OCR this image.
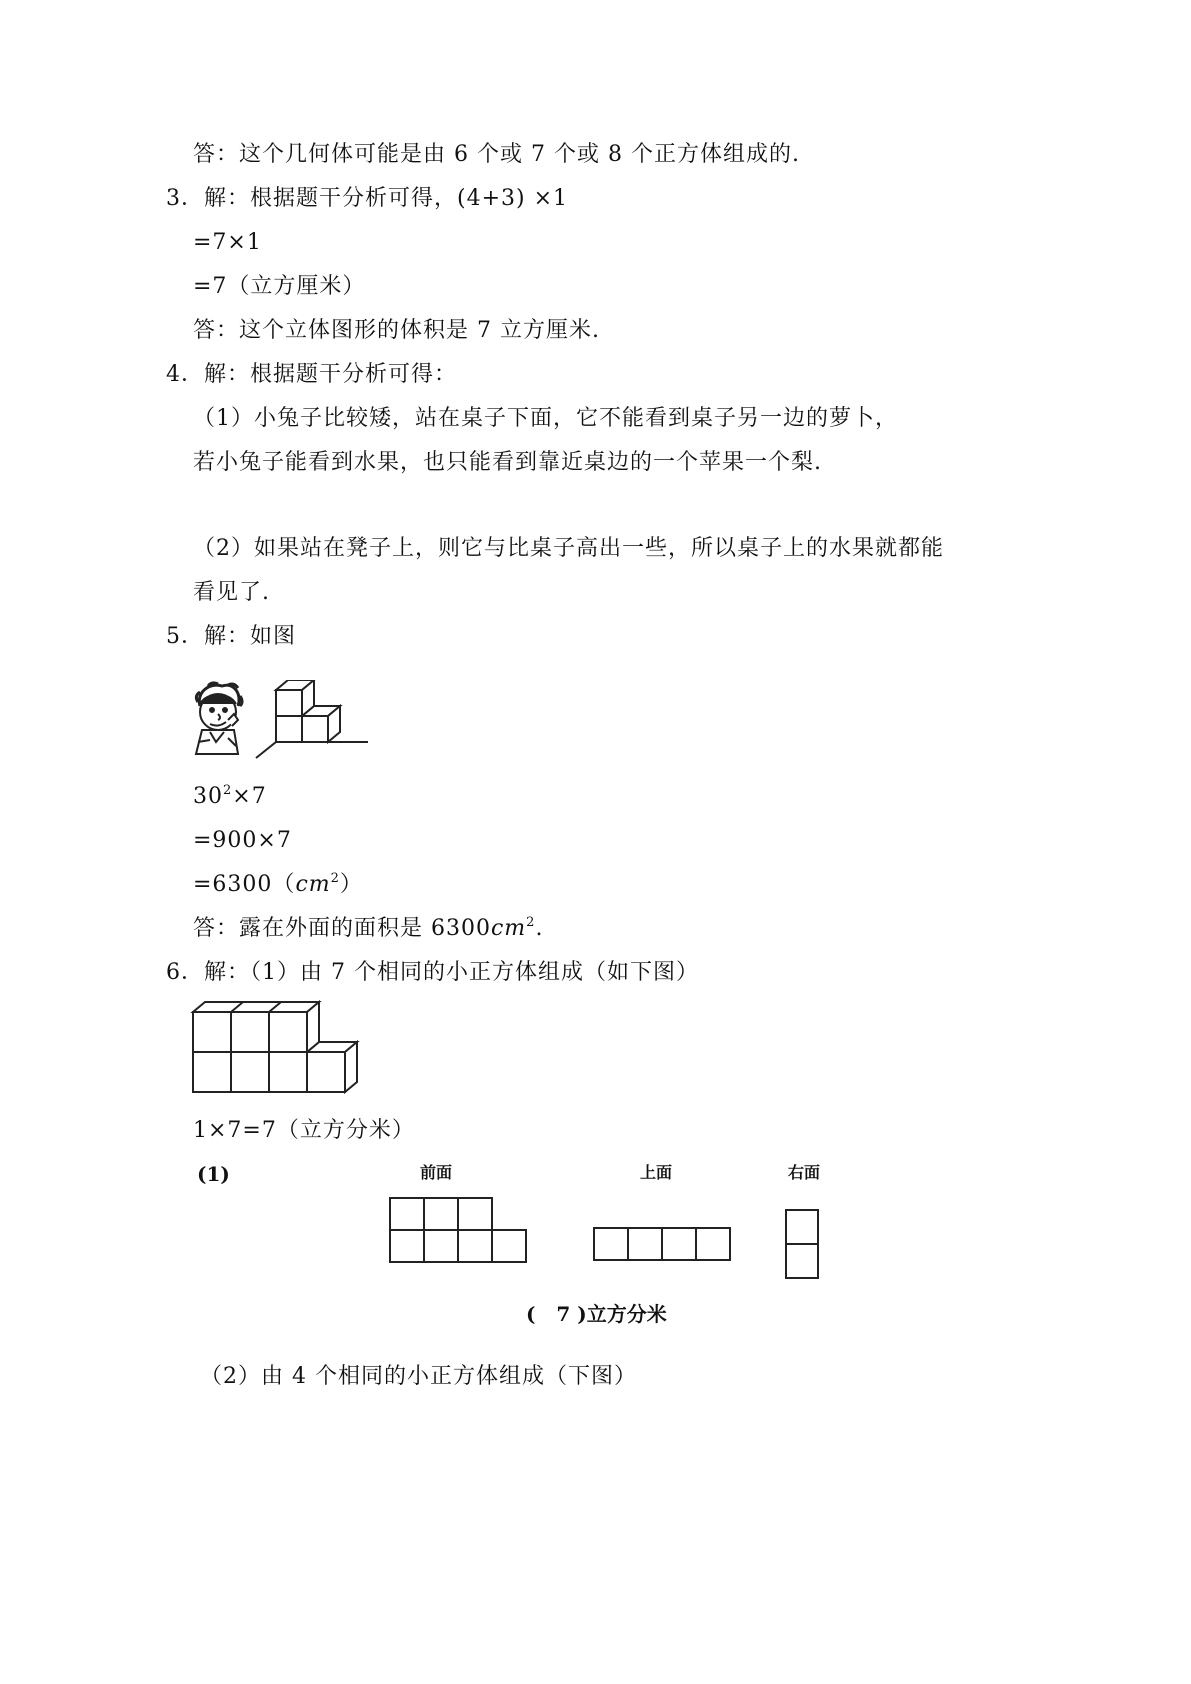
答：这个几何体可能是由 6 个或 7 个或 8 个正方体组成的.
3．解：根据题干分析可得，(4+3) ×1
=7×1
=7（立方厘米）
答：这个立体图形的体积是 7 立方厘米.
4．解：根据题干分析可得：
（1）小兔子比较矮，站在桌子下面，它不能看到桌子另一边的萝卜，
若小兔子能看到水果，也只能看到靠近桌边的一个苹果一个梨.
（2）如果站在凳子上，则它与比桌子高出一些，所以桌子上的水果就都能
看见了.
5．解：如图
$30^2\times 7$
=900×7
$=6300(cm^2)$
答：露在外面的面积是 $6300cm^2$.
6．解：（1）由 7 个相同的小正方体组成（如下图）
1×7=7（立方分米）
(1)	前面	上面	右面
( 7 )立方分米
（2）由 4 个相同的小正方体组成（下图）
